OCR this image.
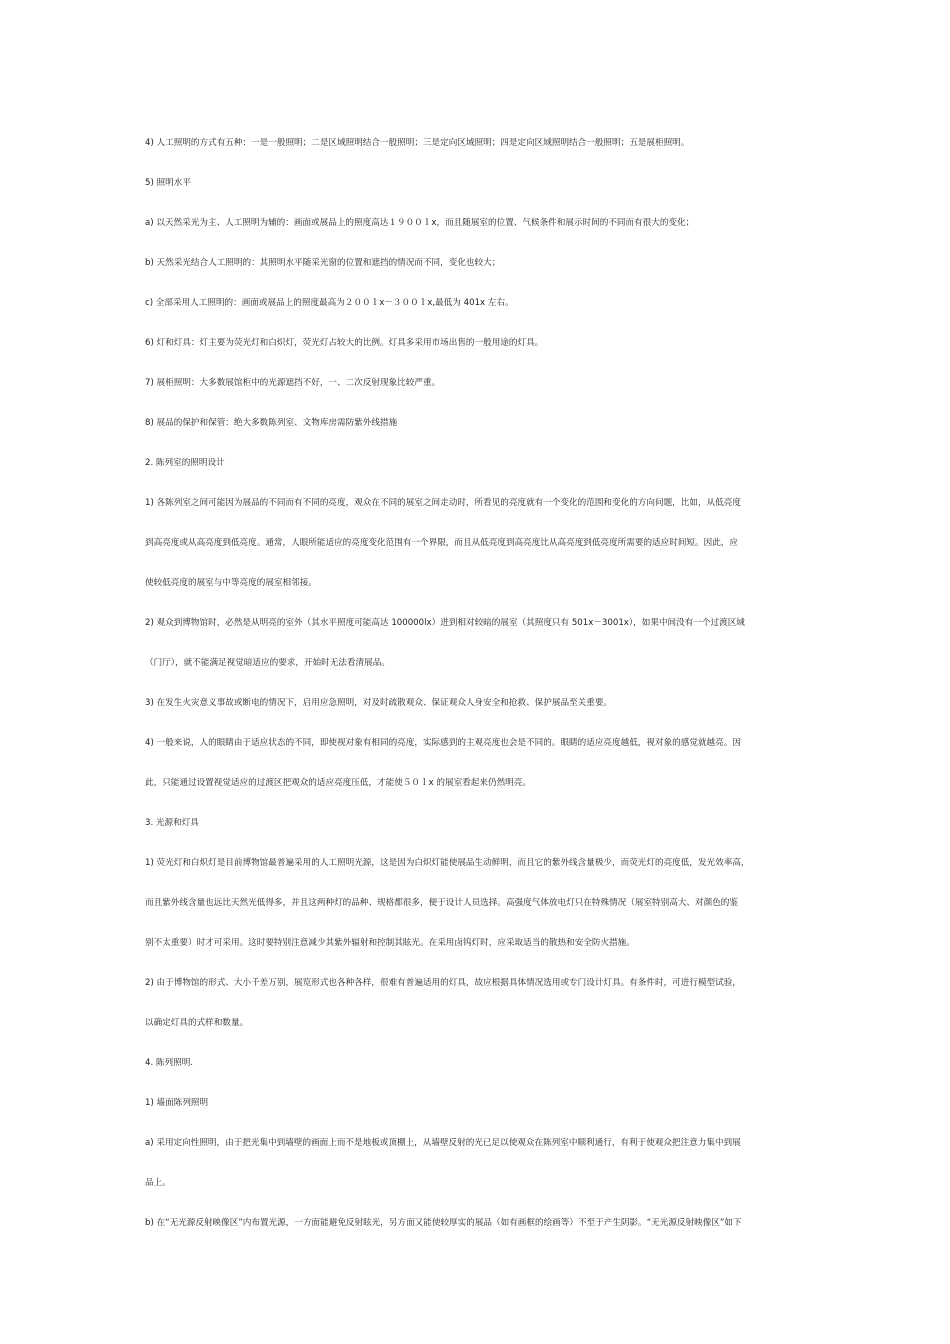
4) 人工照明的方式有五种：一是一般照明；二是区域照明结合一般照明；三是定向区域照明；四是定向区域照明结合一般照明；五是展柜照明。
5) 照明水平
a) 以天然采光为主、人工照明为辅的：画面或展品上的照度高达１９００ｌx，而且随展室的位置、气候条件和展示时间的不同而有很大的变化；
b) 天然采光结合人工照明的：其照明水平随采光窗的位置和遮挡的情况而不同，变化也较大；
c) 全部采用人工照明的：画面或展品上的照度最高为２００ｌx－３００ｌx,最低为 401x 左右。
6) 灯和灯具：灯主要为荧光灯和白炽灯，荧光灯占较大的比例。灯具多采用市场出售的一般用途的灯具。
7) 展柜照明：大多数展馆柜中的光源遮挡不好，一、二次反射现象比较严重。
8) 展品的保护和保管：绝大多数陈列室、文物库房需防紫外线措施
2. 陈列室的照明设计
1) 各陈列室之间可能因为展品的不同而有不同的亮度，观众在不同的展室之间走动时，所看见的亮度就有一个变化的范围和变化的方向问题，比如，从低亮度
到高亮度或从高亮度到低亮度。通常，人眼所能适应的亮度变化范围有一个界限，而且从低亮度到高亮度比从高亮度到低亮度所需要的适应时间短。因此，应
使较低亮度的展室与中等亮度的展室相邻接。
2) 观众到博物馆时，必然是从明亮的室外（其水平照度可能高达 100000lx）进到相对较暗的展室（其照度只有 501x－3001x），如果中间没有一个过渡区域
（门厅），就不能满足视觉暗适应的要求，开始时无法看清展品。
3) 在发生火灾意义事故或断电的情况下，启用应急照明，对及时疏散观众、保证观众人身安全和抢救、保护展品至关重要。
4) 一般来说，人的眼睛由于适应状态的不同，即使视对象有相同的亮度，实际感到的主观亮度也会是不同的。眼睛的适应亮度越低，视对象的感觉就越亮。因
此，只能通过设置视觉适应的过渡区把观众的适应亮度压低，才能使５０ｌx 的展室看起来仍然明亮。
3. 光源和灯具
1) 荧光灯和白炽灯是目前博物馆最普遍采用的人工照明光源，这是因为白炽灯能使展品生动鲜明，而且它的紫外线含量极少，而荧光灯的亮度低，发光效率高，
而且紫外线含量也远比天然光低得多，并且这两种灯的品种、规格都很多，便于设计人员选择。高强度气体放电灯只在特殊情况（展室特别高大、对颜色的鉴
别不太重要）时才可采用。这时要特别注意减少其紫外辐射和控制其眩光。在采用卤钨灯时，应采取适当的散热和安全防火措施。
2) 由于博物馆的形式、大小千差万别，展览形式也各种各样，很难有普遍适用的灯具，故应根据具体情况选用或专门设计灯具。有条件时，可进行模型试验，
以确定灯具的式样和数量。
4. 陈列照明.
1) 墙面陈列照明
a) 采用定向性照明，由于把光集中到墙壁的画面上而不是地板或顶棚上，从墙壁反射的光已足以使观众在陈列室中顺利通行，有利于使观众把注意力集中到展
品上。
b) 在“无光源反射映像区”内布置光源，一方面能避免反射眩光，另方面又能使较厚实的展品（如有画框的绘画等）不至于产生阴影。“无光源反射映像区”如下
